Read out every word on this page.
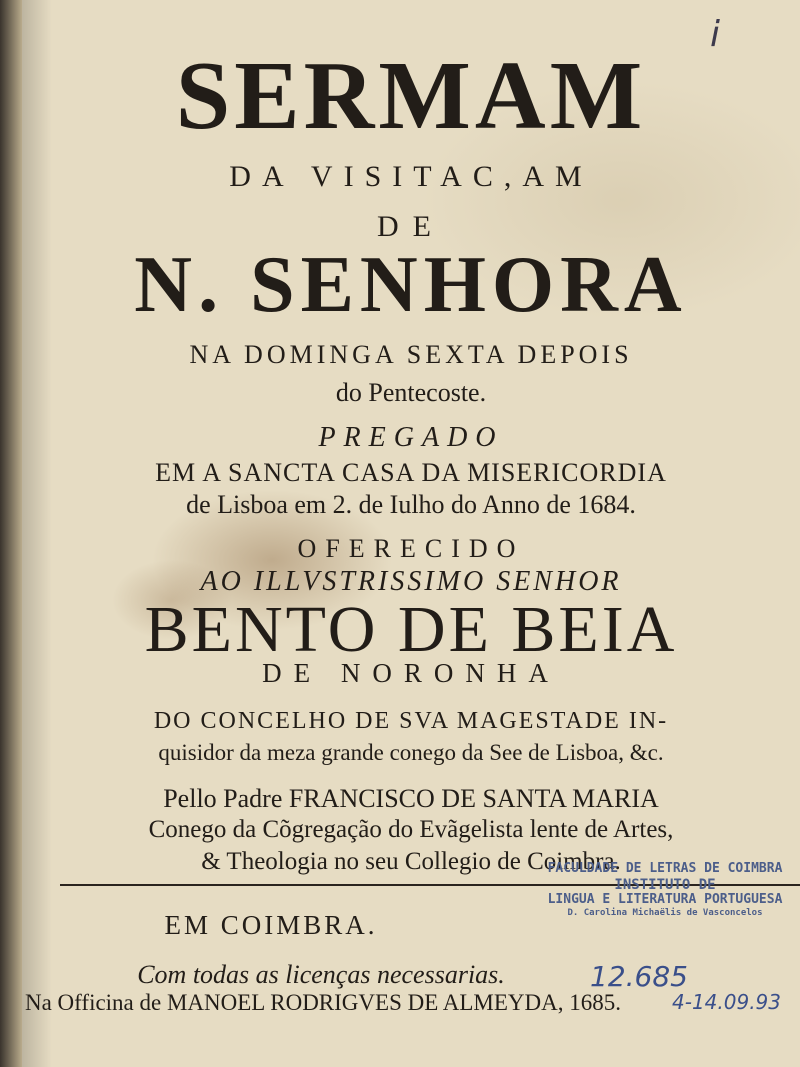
i
SERMAM
DA VISITAC,AM
DE
N. SENHORA
NA DOMINGA SEXTA DEPOIS
do Pentecoste.
PREGADO
EM A SANCTA CASA DA MISERICORDIA
de Lisboa em 2. de Iulho do Anno de 1684.
OFERECIDO
AO ILLVSTRISSIMO SENHOR
BENTO DE BEIA
DE NORONHA
DO CONCELHO DE SVA MAGESTADE IN-
quisidor da meza grande conego da See de Lisboa, &c.
Pello Padre FRANCISCO DE SANTA MARIA
Conego da Cõgregação do Evãgelista lente de Artes,
& Theologia no seu Collegio de Coimbra.
EM COIMBRA.
Com todas as licenças necessarias.
Na Officina de MANOEL RODRIGVES DE ALMEYDA, 1685.
FACULDADE DE LETRAS DE COIMBRA
INSTITUTO DE
LINGUA E LITERATURA PORTUGUESA
D. Carolina Michaëlis de Vasconcelos
12.685
4-14.09.93
